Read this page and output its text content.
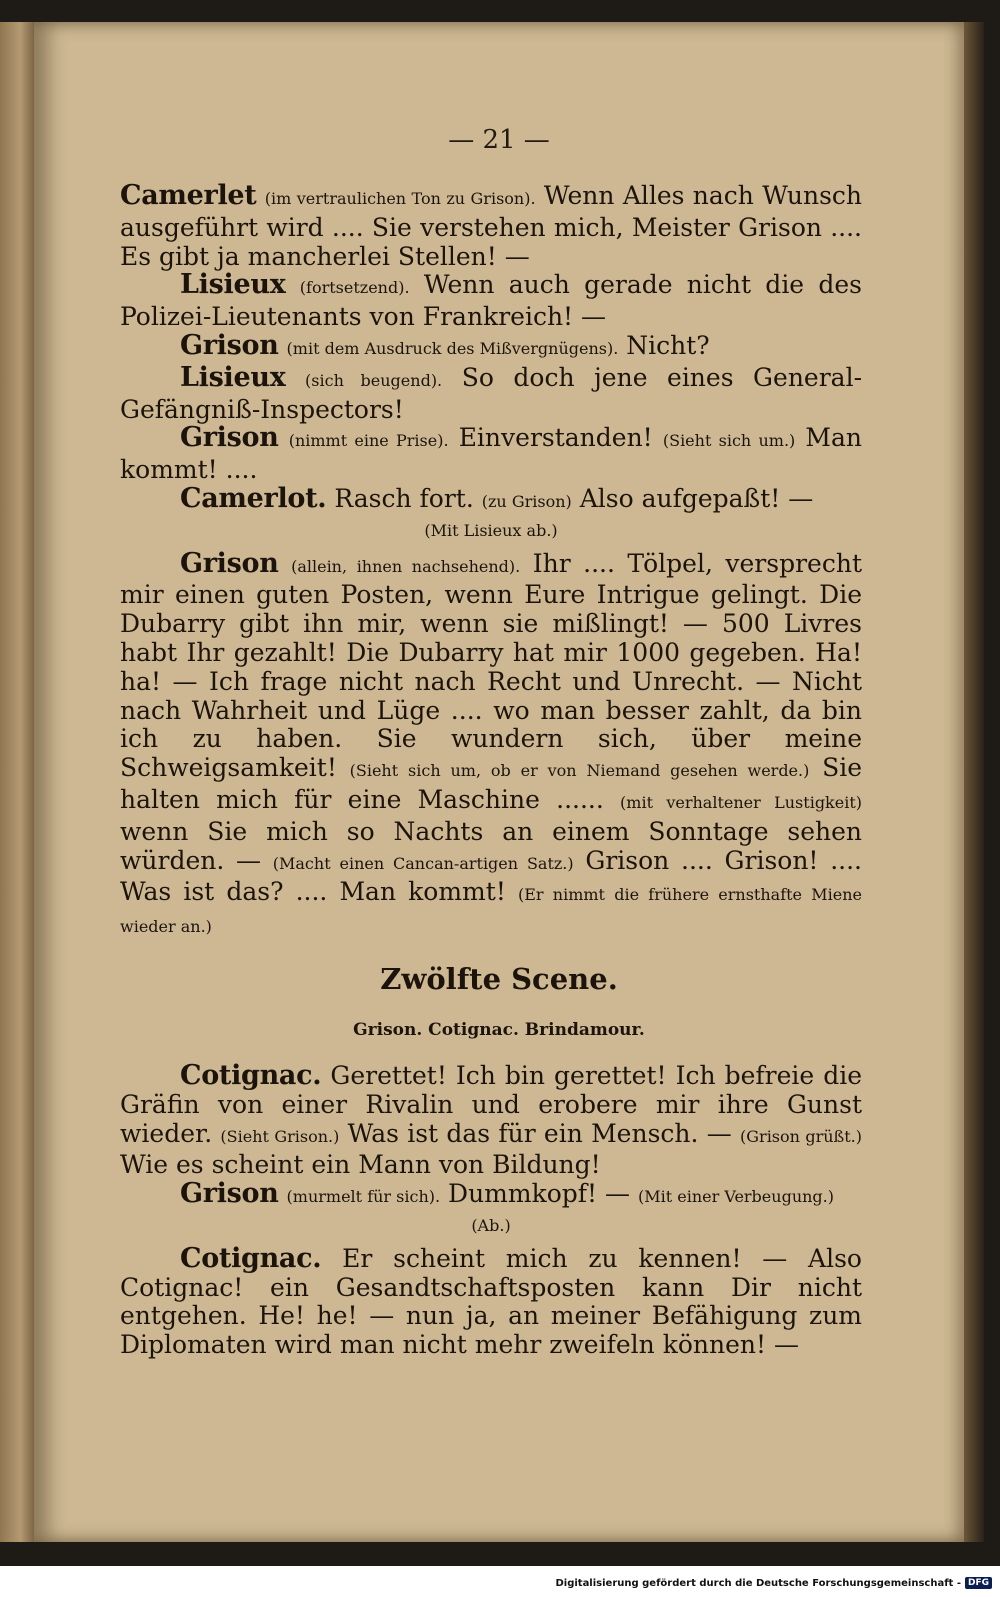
— 21 —

Camerlet (im vertraulichen Ton zu Grison). Wenn Alles nach Wunsch ausgeführt wird .... Sie verstehen mich, Meister Grison .... Es gibt ja mancherlei Stellen! —

Lisieux (fortsetzend). Wenn auch gerade nicht die des Polizei-Lieutenants von Frankreich! —

Grison (mit dem Ausdruck des Mißvergnügens). Nicht?

Lisieux (sich beugend). So doch jene eines General-Gefängniß-Inspectors!

Grison (nimmt eine Prise). Einverstanden! (Sieht sich um.) Man kommt! ....

Camerlot. Rasch fort. (zu Grison) Also aufgepaßt! —

(Mit Lisieux ab.)

Grison (allein, ihnen nachsehend). Ihr .... Tölpel, versprecht mir einen guten Posten, wenn Eure Intrigue gelingt. Die Dubarry gibt ihn mir, wenn sie mißlingt! — 500 Livres habt Ihr gezahlt! Die Dubarry hat mir 1000 gegeben. Ha! ha! — Ich frage nicht nach Recht und Unrecht. — Nicht nach Wahrheit und Lüge .... wo man besser zahlt, da bin ich zu haben. Sie wundern sich, über meine Schweigsamkeit! (Sieht sich um, ob er von Niemand gesehen werde.) Sie halten mich für eine Maschine ...... (mit verhaltener Lustigkeit) wenn Sie mich so Nachts an einem Sonntage sehen würden. — (Macht einen Cancan-artigen Satz.) Grison .... Grison! .... Was ist das? .... Man kommt! (Er nimmt die frühere ernsthafte Miene wieder an.)

Zwölfte Scene.
Grison. Cotignac. Brindamour.

Cotignac. Gerettet! Ich bin gerettet! Ich befreie die Gräfin von einer Rivalin und erobere mir ihre Gunst wieder. (Sieht Grison.) Was ist das für ein Mensch. — (Grison grüßt.) Wie es scheint ein Mann von Bildung!

Grison (murmelt für sich). Dummkopf! — (Mit einer Verbeugung.)

(Ab.)

Cotignac. Er scheint mich zu kennen! — Also Cotignac! ein Gesandtschaftsposten kann Dir nicht entgehen. He! he! — nun ja, an meiner Befähigung zum Diplomaten wird man nicht mehr zweifeln können! —

Digitalisierung gefördert durch die Deutsche Forschungsgemeinschaft - DFG
